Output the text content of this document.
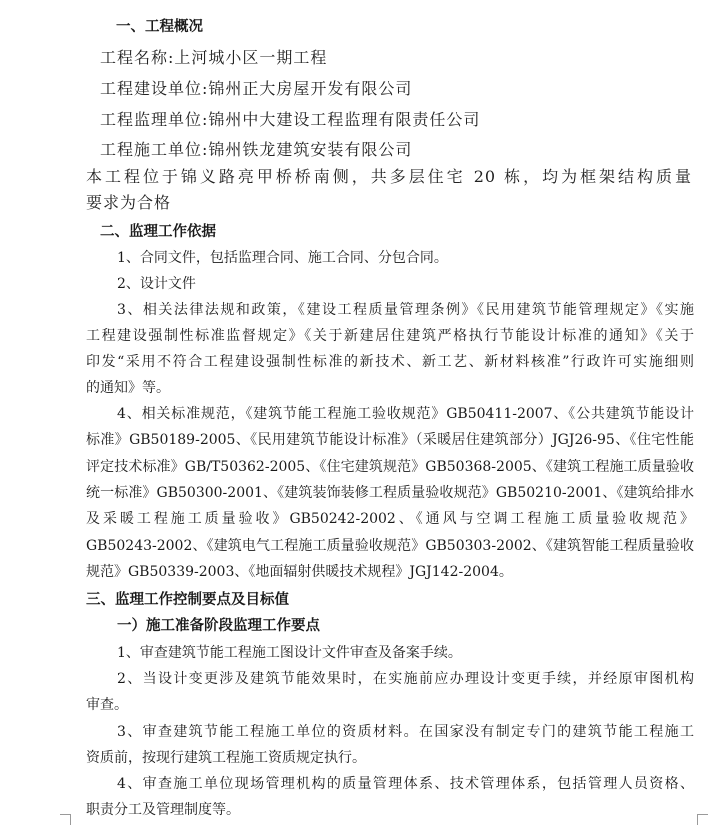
一、工程概况
工程名称:上河城小区一期工程
工程建设单位:锦州正大房屋开发有限公司
工程监理单位:锦州中大建设工程监理有限责任公司
工程施工单位:锦州铁龙建筑安装有限公司
本工程位于锦义路亮甲桥桥南侧，共多层住宅 20 栋，均为框架结构质量
要求为合格
二、监理工作依据
1、合同文件，包括监理合同、施工合同、分包合同。
2、设计文件
3、相关法律法规和政策，《建设工程质量管理条例》《民用建筑节能管理规定》《实施
工程建设强制性标准监督规定》《关于新建居住建筑严格执行节能设计标准的通知》《关于
印发“采用不符合工程建设强制性标准的新技术、新工艺、新材料核准”行政许可实施细则
的通知》等。
4、相关标准规范，《建筑节能工程施工验收规范》GB50411-2007、《公共建筑节能设计
标准》GB50189-2005、《民用建筑节能设计标准》（采暖居住建筑部分）JGJ26-95、《住宅性能
评定技术标准》GB/T50362-2005、《住宅建筑规范》GB50368-2005、《建筑工程施工质量验收
统一标准》GB50300-2001、《建筑装饰装修工程质量验收规范》GB50210-2001、《建筑给排水
及采暖工程施工质量验收》GB50242-2002、《通风与空调工程施工质量验收规范》
GB50243-2002、《建筑电气工程施工质量验收规范》GB50303-2002、《建筑智能工程质量验收
规范》GB50339-2003、《地面辐射供暖技术规程》JGJ142-2004。
三、监理工作控制要点及目标值
一）施工准备阶段监理工作要点
1、审查建筑节能工程施工图设计文件审查及备案手续。
2、当设计变更涉及建筑节能效果时，在实施前应办理设计变更手续，并经原审图机构
审查。
3、审查建筑节能工程施工单位的资质材料。在国家没有制定专门的建筑节能工程施工
资质前，按现行建筑工程施工资质规定执行。
4、审查施工单位现场管理机构的质量管理体系、技术管理体系，包括管理人员资格、
职责分工及管理制度等。
